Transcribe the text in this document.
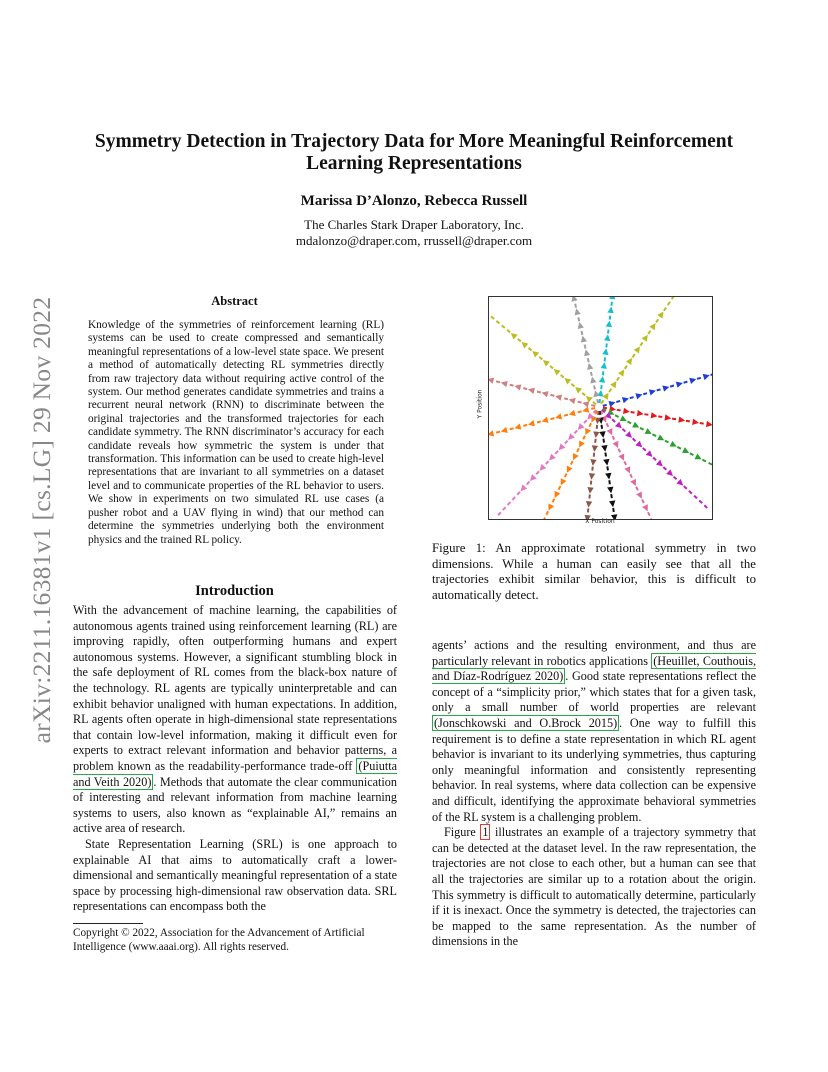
arXiv:2211.16381v1 [cs.LG] 29 Nov 2022
Symmetry Detection in Trajectory Data for More Meaningful Reinforcement
Learning Representations
Marissa D’Alonzo, Rebecca Russell
The Charles Stark Draper Laboratory, Inc.
mdalonzo@draper.com, rrussell@draper.com
Abstract
Knowledge of the symmetries of reinforcement learning (RL) systems can be used to create compressed and semantically meaningful representations of a low-level state space. We present a method of automatically detecting RL symmetries directly from raw trajectory data without requiring active control of the system. Our method generates candidate symmetries and trains a recurrent neural network (RNN) to discriminate between the original trajectories and the transformed trajectories for each candidate symmetry. The RNN discriminator’s accuracy for each candidate reveals how symmetric the system is under that transformation. This information can be used to create high-level representations that are invariant to all symmetries on a dataset level and to communicate properties of the RL behavior to users. We show in experiments on two simulated RL use cases (a pusher robot and a UAV flying in wind) that our method can determine the symmetries underlying both the environment physics and the trained RL policy.
Introduction

With the advancement of machine learning, the capabilities of autonomous agents trained using reinforcement learning (RL) are improving rapidly, often outperforming humans and expert autonomous systems. However, a significant stumbling block in the safe deployment of RL comes from the black-box nature of the technology. RL agents are typically uninterpretable and can exhibit behavior unaligned with human expectations. In addition, RL agents often operate in high-dimensional state representations that contain low-level information, making it difficult even for experts to extract relevant information and behavior patterns, a problem known as the readability-performance trade-off (Puiutta and Veith 2020) . Methods that automate the clear communication of interesting and relevant information from machine learning systems to users, also known as “explainable AI,” remains an active area of research.

State Representation Learning (SRL) is one approach to explainable AI that aims to automatically craft a lower-dimensional and semantically meaningful representation of a state space by processing high-dimensional raw observation data. SRL representations can encompass both the

Copyright © 2022, Association for the Advancement of Artificial Intelligence (www.aaai.org). All rights reserved.
X Position
Y Position
Figure 1: An approximate rotational symmetry in two dimensions. While a human can easily see that all the trajectories exhibit similar behavior, this is difficult to automatically detect.

agents’ actions and the resulting environment, and thus are particularly relevant in robotics applications (Heuillet, Couthouis, and Díaz-Rodríguez 2020) . Good state representations reflect the concept of a “simplicity prior,” which states that for a given task, only a small number of world properties are relevant (Jonschkowski and O.Brock 2015) . One way to fulfill this requirement is to define a state representation in which RL agent behavior is invariant to its underlying symmetries, thus capturing only meaningful information and consistently representing behavior. In real systems, where data collection can be expensive and difficult, identifying the approximate behavioral symmetries of the RL system is a challenging problem.

Figure 1 illustrates an example of a trajectory symmetry that can be detected at the dataset level. In the raw representation, the trajectories are not close to each other, but a human can see that all the trajectories are similar up to a rotation about the origin. This symmetry is difficult to automatically determine, particularly if it is inexact. Once the symmetry is detected, the trajectories can be mapped to the same representation. As the number of dimensions in the
